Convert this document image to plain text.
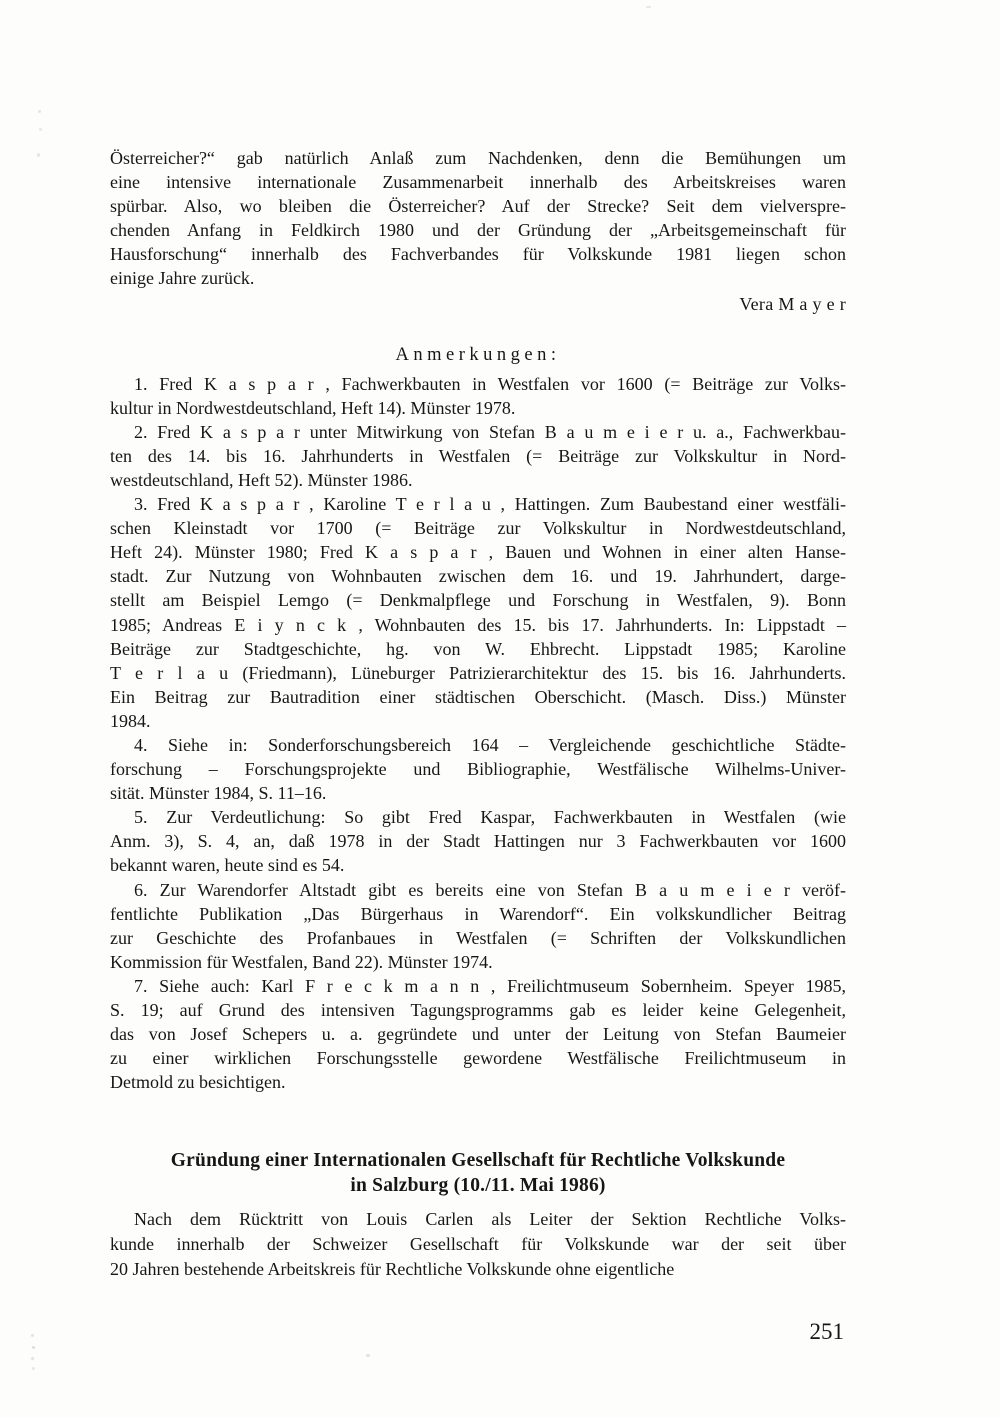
Österreicher?“ gab natürlich Anlaß zum Nachdenken, denn die Bemühungen um
eine intensive internationale Zusammenarbeit innerhalb des Arbeitskreises waren
spürbar. Also, wo bleiben die Österreicher? Auf der Strecke? Seit dem vielverspre-
chenden Anfang in Feldkirch 1980 und der Gründung der „Arbeitsgemeinschaft für
Hausforschung“ innerhalb des Fachverbandes für Volkskunde 1981 liegen schon
einige Jahre zurück.
Vera M a y e r
Anmerkungen:
1. Fred K a s p a r , Fachwerkbauten in Westfalen vor 1600 (= Beiträge zur Volks-
kultur in Nordwestdeutschland, Heft 14). Münster 1978.
2. Fred K a s p a r unter Mitwirkung von Stefan B a u m e i e r u. a., Fachwerkbau-
ten des 14. bis 16. Jahrhunderts in Westfalen (= Beiträge zur Volkskultur in Nord-
westdeutschland, Heft 52). Münster 1986.
3. Fred K a s p a r , Karoline T e r l a u , Hattingen. Zum Baubestand einer westfäli-
schen Kleinstadt vor 1700 (= Beiträge zur Volkskultur in Nordwestdeutschland,
Heft 24). Münster 1980; Fred K a s p a r , Bauen und Wohnen in einer alten Hanse-
stadt. Zur Nutzung von Wohnbauten zwischen dem 16. und 19. Jahrhundert, darge-
stellt am Beispiel Lemgo (= Denkmalpflege und Forschung in Westfalen, 9). Bonn
1985; Andreas E i y n c k , Wohnbauten des 15. bis 17. Jahrhunderts. In: Lippstadt –
Beiträge zur Stadtgeschichte, hg. von W. Ehbrecht. Lippstadt 1985; Karoline
T e r l a u (Friedmann), Lüneburger Patrizierarchitektur des 15. bis 16. Jahrhunderts.
Ein Beitrag zur Bautradition einer städtischen Oberschicht. (Masch. Diss.) Münster
1984.
4. Siehe in: Sonderforschungsbereich 164 – Vergleichende geschichtliche Städte-
forschung – Forschungsprojekte und Bibliographie, Westfälische Wilhelms-Univer-
sität. Münster 1984, S. 11–16.
5. Zur Verdeutlichung: So gibt Fred Kaspar, Fachwerkbauten in Westfalen (wie
Anm. 3), S. 4, an, daß 1978 in der Stadt Hattingen nur 3 Fachwerkbauten vor 1600
bekannt waren, heute sind es 54.
6. Zur Warendorfer Altstadt gibt es bereits eine von Stefan B a u m e i e r veröf-
fentlichte Publikation „Das Bürgerhaus in Warendorf“. Ein volkskundlicher Beitrag
zur Geschichte des Profanbaues in Westfalen (= Schriften der Volkskundlichen
Kommission für Westfalen, Band 22). Münster 1974.
7. Siehe auch: Karl F r e c k m a n n , Freilichtmuseum Sobernheim. Speyer 1985,
S. 19; auf Grund des intensiven Tagungsprogramms gab es leider keine Gelegenheit,
das von Josef Schepers u. a. gegründete und unter der Leitung von Stefan Baumeier
zu einer wirklichen Forschungsstelle gewordene Westfälische Freilichtmuseum in
Detmold zu besichtigen.
Gründung einer Internationalen Gesellschaft für Rechtliche Volkskunde
in Salzburg (10./11. Mai 1986)
Nach dem Rücktritt von Louis Carlen als Leiter der Sektion Rechtliche Volks-
kunde innerhalb der Schweizer Gesellschaft für Volkskunde war der seit über
20 Jahren bestehende Arbeitskreis für Rechtliche Volkskunde ohne eigentliche
251
